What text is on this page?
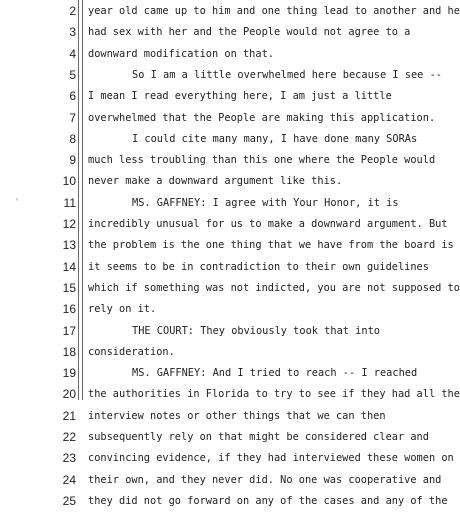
'
2 year old came up to him and one thing lead to another and he
3 had sex with her and the People would not agree to a
4 downward modification on that.
5	So I am a little overwhelmed here because I see --
6 I mean I read everything here, I am just a little
7 overwhelmed that the People are making this application.
8	I could cite many many, I have done many SORAs
9 much less troubling than this one where the People would
10 never make a downward argument like this.
11	MS. GAFFNEY: I agree with Your Honor, it is
12 incredibly unusual for us to make a downward argument. But
13 the problem is the one thing that we have from the board is
14 it seems to be in contradiction to their own guidelines
15 which if something was not indicted, you are not supposed to
16 rely on it.
17	THE COURT: They obviously took that into
18 consideration.
19	MS. GAFFNEY: And I tried to reach -- I reached
20 the authorities in Florida to try to see if they had all the
21 interview notes or other things that we can then
22 subsequently rely on that might be considered clear and
23 convincing evidence, if they had interviewed these women on
24 their own, and they never did. No one was cooperative and
25 they did not go forward on any of the cases and any of the
